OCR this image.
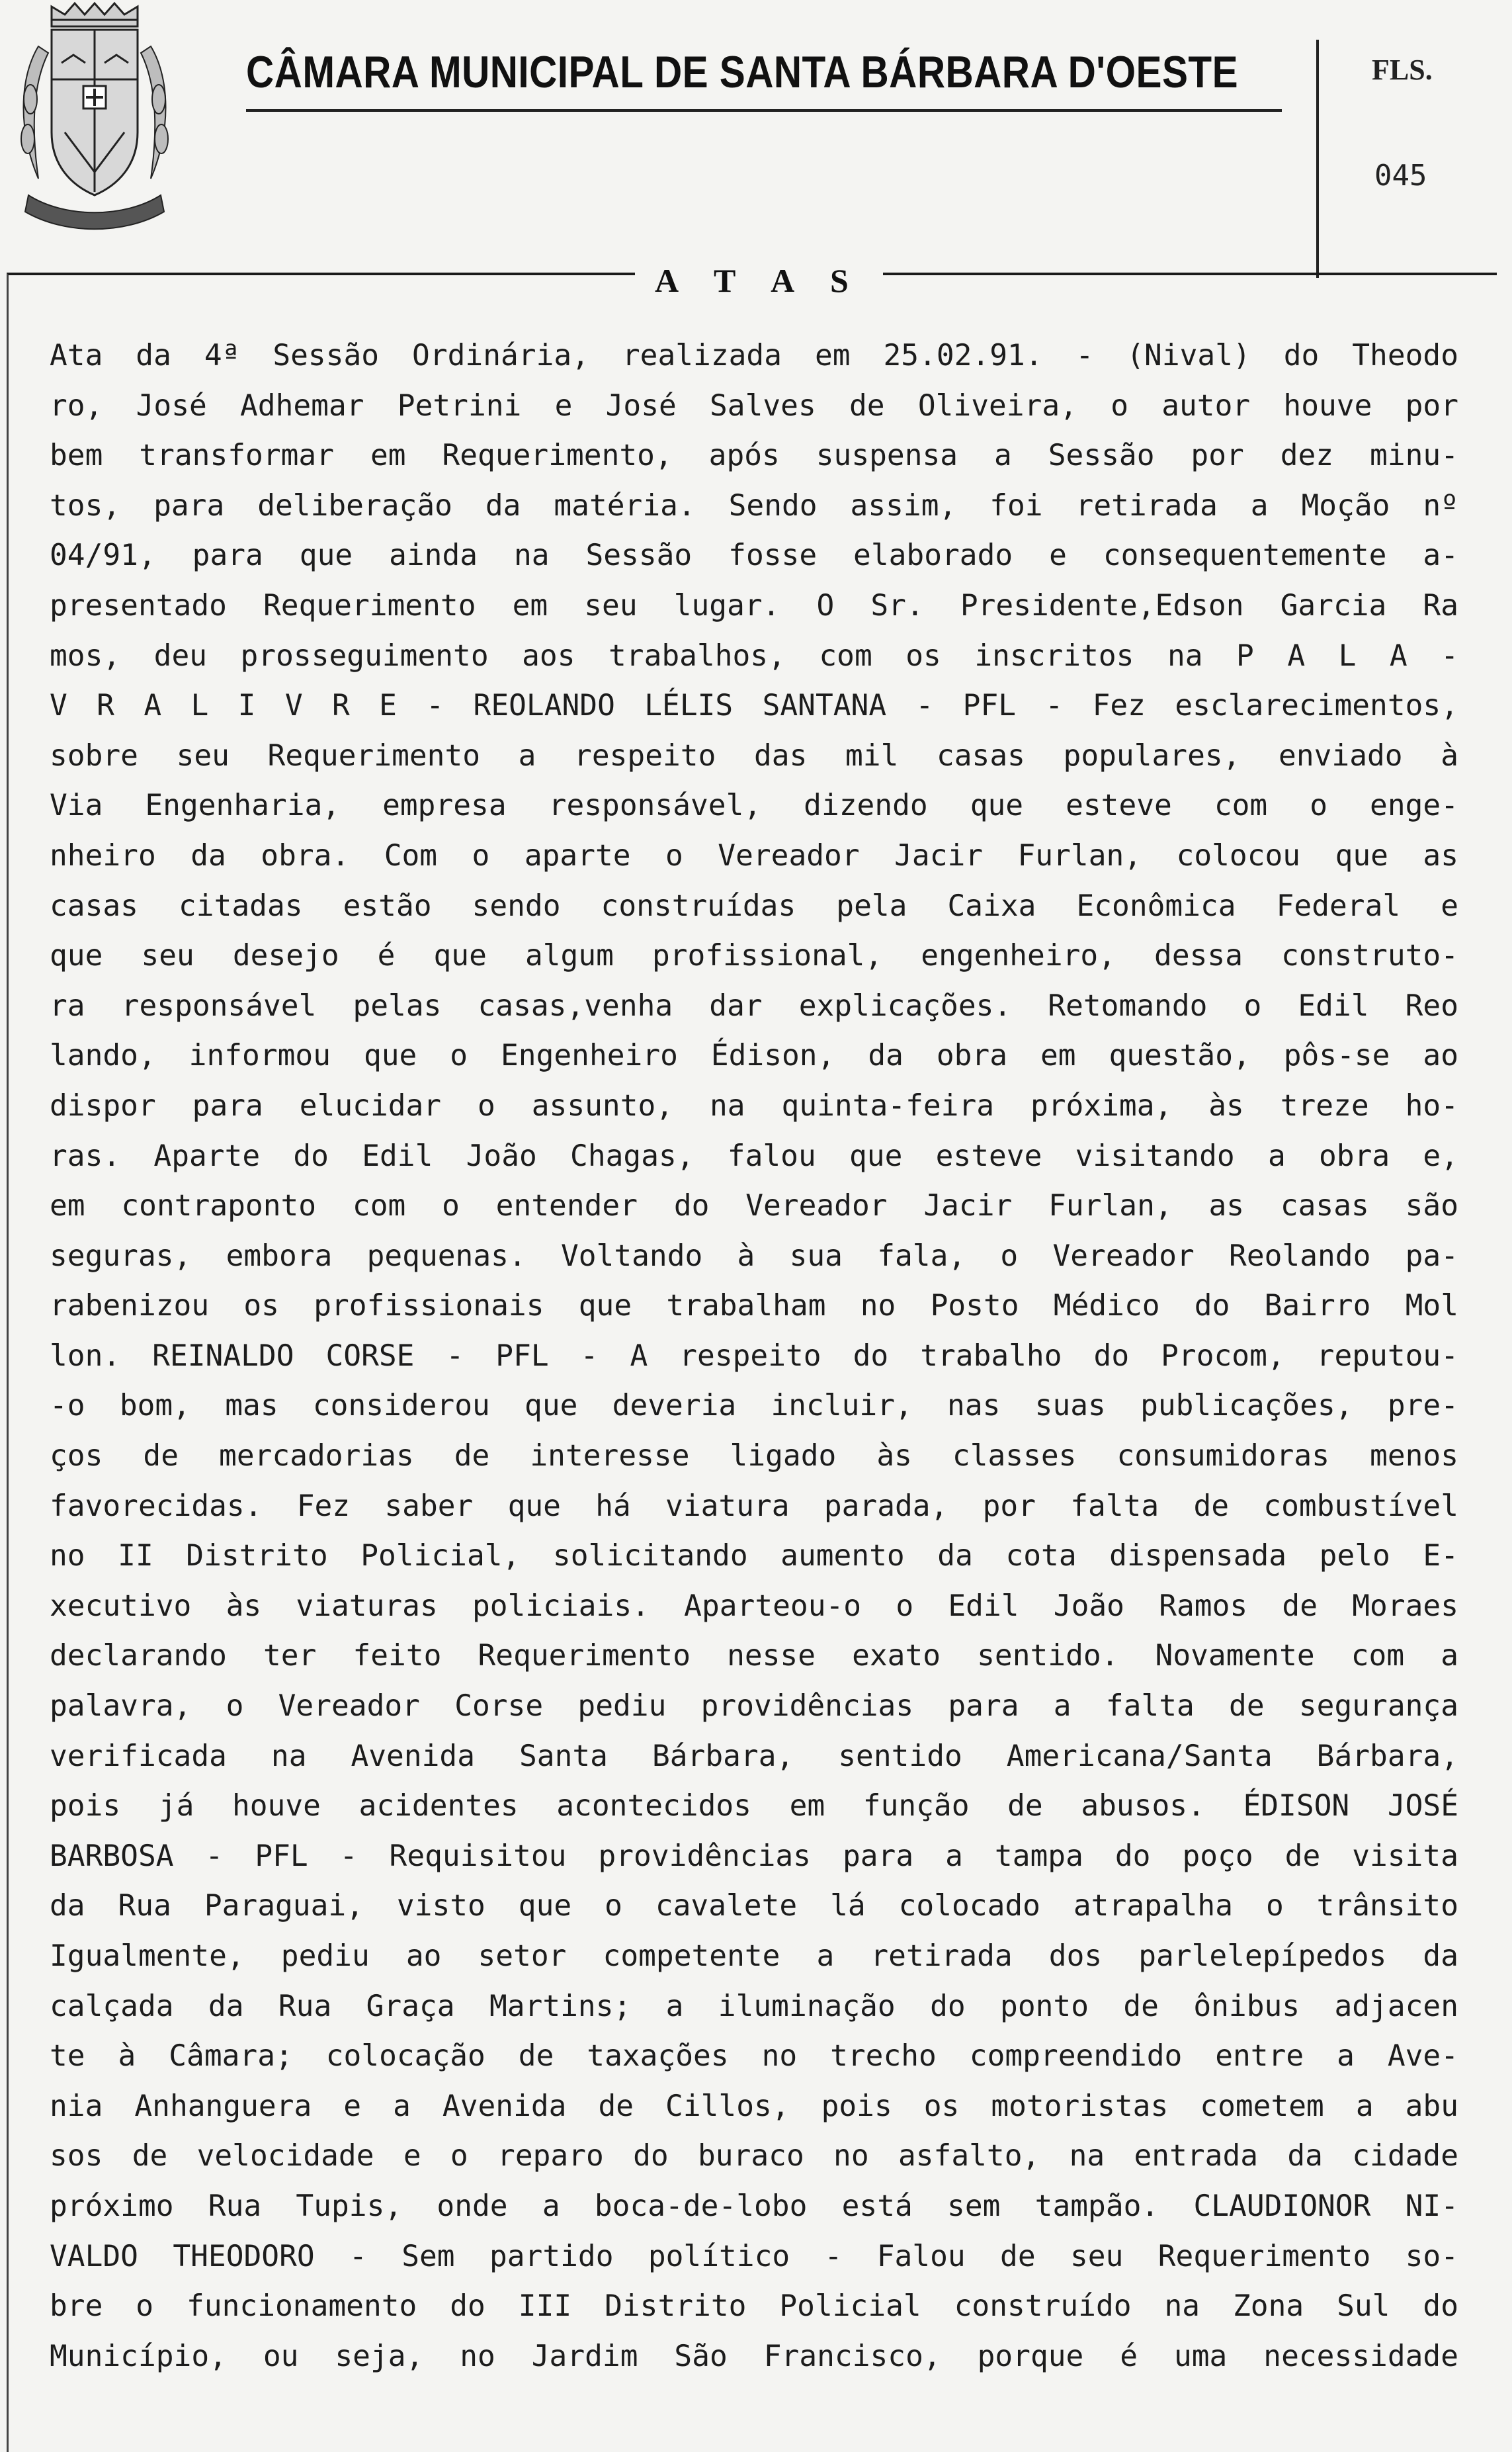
CÂMARA MUNICIPAL DE SANTA BÁRBARA D'OESTE	FLS.
045
A T A S
Ata da 4ª Sessão Ordinária, realizada em 25.02.91. - (Nival) do Theodo
ro, José Adhemar Petrini e José Salves de Oliveira, o autor houve por
bem transformar em Requerimento, após suspensa a Sessão por dez minu-
tos, para deliberação da matéria. Sendo assim, foi retirada a Moção nº
04/91, para que ainda na Sessão fosse elaborado e consequentemente a-
presentado Requerimento em seu lugar. O Sr. Presidente,Edson Garcia Ra
mos, deu prosseguimento aos trabalhos, com os inscritos na P A L A -
V R A L I V R E - REOLANDO LÉLIS SANTANA - PFL - Fez esclarecimentos,
sobre seu Requerimento a respeito das mil casas populares, enviado à
Via Engenharia, empresa responsável, dizendo que esteve com o enge-
nheiro da obra. Com o aparte o Vereador Jacir Furlan, colocou que as
casas citadas estão sendo construídas pela Caixa Econômica Federal e
que seu desejo é que algum profissional, engenheiro, dessa construto-
ra responsável pelas casas,venha dar explicações. Retomando o Edil Reo
lando, informou que o Engenheiro Édison, da obra em questão, pôs-se ao
dispor para elucidar o assunto, na quinta-feira próxima, às treze ho-
ras. Aparte do Edil João Chagas, falou que esteve visitando a obra e,
em contraponto com o entender do Vereador Jacir Furlan, as casas são
seguras, embora pequenas. Voltando à sua fala, o Vereador Reolando pa-
rabenizou os profissionais que trabalham no Posto Médico do Bairro Mol
lon. REINALDO CORSE - PFL - A respeito do trabalho do Procom, reputou-
-o bom, mas considerou que deveria incluir, nas suas publicações, pre-
ços de mercadorias de interesse ligado às classes consumidoras menos
favorecidas. Fez saber que há viatura parada, por falta de combustível
no II Distrito Policial, solicitando aumento da cota dispensada pelo E-
xecutivo às viaturas policiais. Aparteou-o o Edil João Ramos de Moraes
declarando ter feito Requerimento nesse exato sentido. Novamente com a
palavra, o Vereador Corse pediu providências para a falta de segurança
verificada na Avenida Santa Bárbara, sentido Americana/Santa Bárbara,
pois já houve acidentes acontecidos em função de abusos. ÉDISON JOSÉ
BARBOSA - PFL - Requisitou providências para a tampa do poço de visita
da Rua Paraguai, visto que o cavalete lá colocado atrapalha o trânsito
Igualmente, pediu ao setor competente a retirada dos parlelepípedos da
calçada da Rua Graça Martins; a iluminação do ponto de ônibus adjacen
te à Câmara; colocação de taxações no trecho compreendido entre a Ave-
nia Anhanguera e a Avenida de Cillos, pois os motoristas cometem a abu
sos de velocidade e o reparo do buraco no asfalto, na entrada da cidade
próximo Rua Tupis, onde a boca-de-lobo está sem tampão. CLAUDIONOR NI-
VALDO THEODORO - Sem partido político - Falou de seu Requerimento so-
bre o funcionamento do III Distrito Policial construído na Zona Sul do
Município, ou seja, no Jardim São Francisco, porque é uma necessidade
